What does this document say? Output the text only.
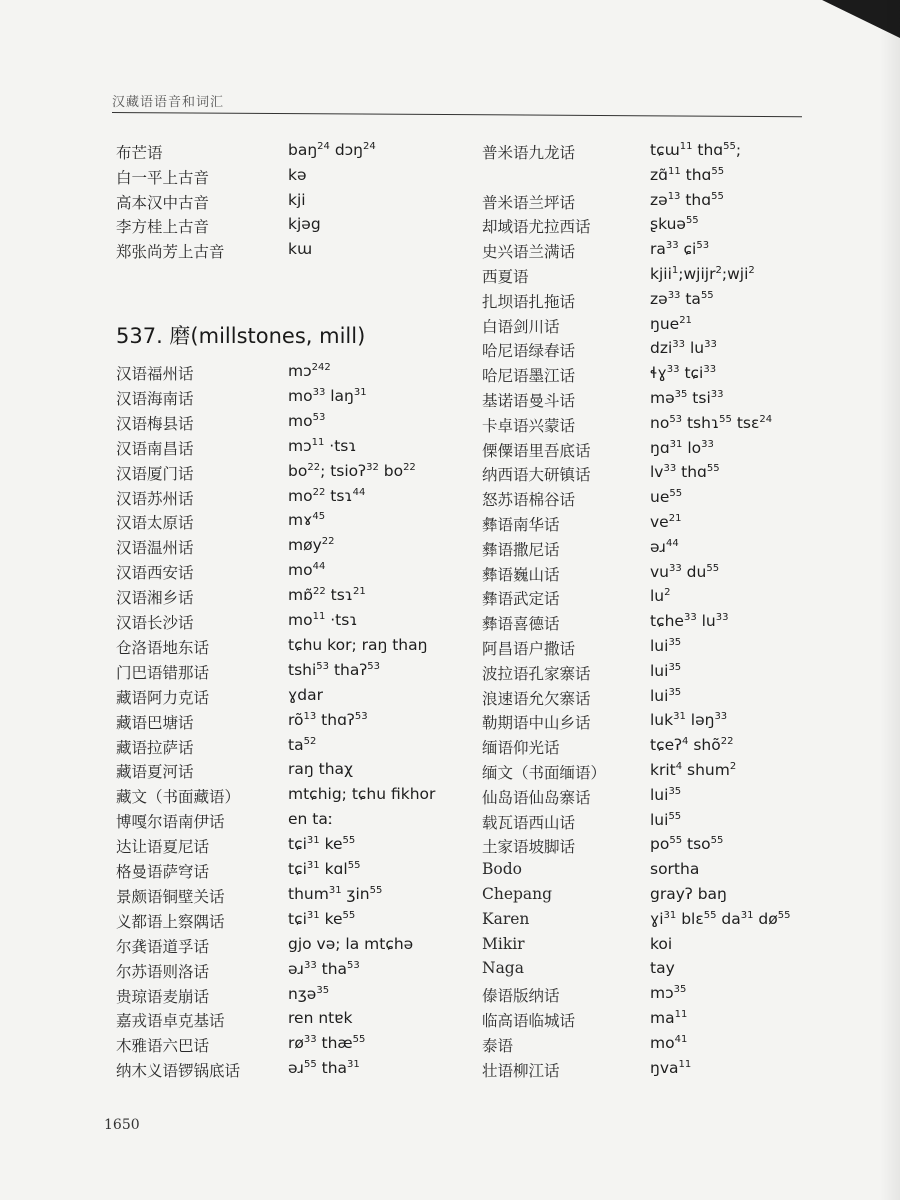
汉藏语语音和词汇
537. 磨(millstones, mill)
布芒语	baŋ$^{24}$ dɔŋ$^{24}$
白一平上古音	kə
高本汉中古音	kji
李方桂上古音	kjəg
郑张尚芳上古音	kɯ
汉语福州话	mɔ$^{242}$
汉语海南话	$mo^{33}$ laŋ$^{31}$
汉语梅县话	$mo^{53}$
汉语南昌话	mɔ$^{11}$ ·tsɿ
汉语厦门话	$bo^{22}$; tsioʔ$^{32}$ $bo^{22}$
汉语苏州话	$mo^{22}$ tsɿ$^{44}$
汉语太原话	mɤ$^{45}$
汉语温州话	møy$^{22}$
汉语西安话	$mo^{44}$
汉语湘乡话	mɒ̃$^{22}$ tsɿ$^{21}$
汉语长沙话	$mo^{11}$ ·tsɿ
仓洛语地东话	tɕhu kor; raŋ thaŋ
门巴语错那话	tshi$^{53}$ thaʔ$^{53}$
藏语阿力克话	ɣdar
藏语巴塘话	$rõ^{13}$ thɑʔ$^{53}$
藏语拉萨话	$ta^{52}$
藏语夏河话	raŋ thaχ
藏文（书面藏语）	mtɕhig; tɕhu fikhor
博嘎尔语南伊话	en taː
达让语夏尼话	tɕi$^{31}$ $ke^{55}$
格曼语萨穹话	tɕi$^{31}$ kɑl$^{55}$
景颇语铜壁关话	thum$^{31}$ ʒin$^{55}$
义都语上察隅话	tɕi$^{31}$ $ke^{55}$
尔龚语道孚话	gjo və; la mtɕhə
尔苏语则洛话	əɹ$^{33}$ tha$^{53}$
贵琼语麦崩话	nʒə$^{35}$
嘉戎语卓克基话	ren ntɐk
木雅语六巴话	$rø^{33}$ thæ$^{55}$
纳木义语锣锅底话	əɹ$^{55}$ tha$^{31}$
普米语九龙话	tɕɯ$^{11}$ thɑ$^{55}$;
zɑ̃$^{11}$ thɑ$^{55}$
普米语兰坪话	zə$^{13}$ thɑ$^{55}$
却域语尤拉西话	ʂkuə$^{55}$
史兴语兰满话	$ra^{33}$ ɕi$^{53}$
西夏语	kjii$^1$;wjijr$^2$;wji$^2$
扎坝语扎拖话	zə$^{33}$ $ta^{55}$
白语剑川话	ŋue$^{21}$
哈尼语绿春话	dzi$^{33}$ $lu^{33}$
哈尼语墨江话	ɬɣ$^{33}$ tɕi$^{33}$
基诺语曼斗话	mə$^{35}$ tsi$^{33}$
卡卓语兴蒙话	$no^{53}$ tshɿ$^{55}$ tsɛ$^{24}$
傈僳语里吾底话	ŋɑ$^{31}$ $lo^{33}$
纳西语大研镇话	$lv^{33}$ thɑ$^{55}$
怒苏语棉谷话	$ue^{55}$
彝语南华话	$ve^{21}$
彝语撒尼话	əɹ$^{44}$
彝语巍山话	$vu^{33}$ $du^{55}$
彝语武定话	$lu^2$
彝语喜德话	tɕhe$^{33}$ $lu^{33}$
阿昌语户撒话	lui$^{35}$
波拉语孔家寨话	lui$^{35}$
浪速语允欠寨话	lui$^{35}$
勒期语中山乡话	luk$^{31}$ ləŋ$^{33}$
缅语仰光话	tɕeʔ$^4$ shõ$^{22}$
缅文（书面缅语）	krit$^4$ shum$^2$
仙岛语仙岛寨话	lui$^{35}$
载瓦语西山话	lui$^{55}$
土家语坡脚话	$po^{55}$ tso$^{55}$
Bodo	sortha
Chepang	grayʔ baŋ
Karen	ɣi$^{31}$ blɛ$^{55}$ $da^{31}$ $dø^{55}$
Mikir	koi
Naga	tay
傣语版纳话	mɔ$^{35}$
临高语临城话	$ma^{11}$
泰语	$mo^{41}$
壮语柳江话	ŋva$^{11}$
1650
